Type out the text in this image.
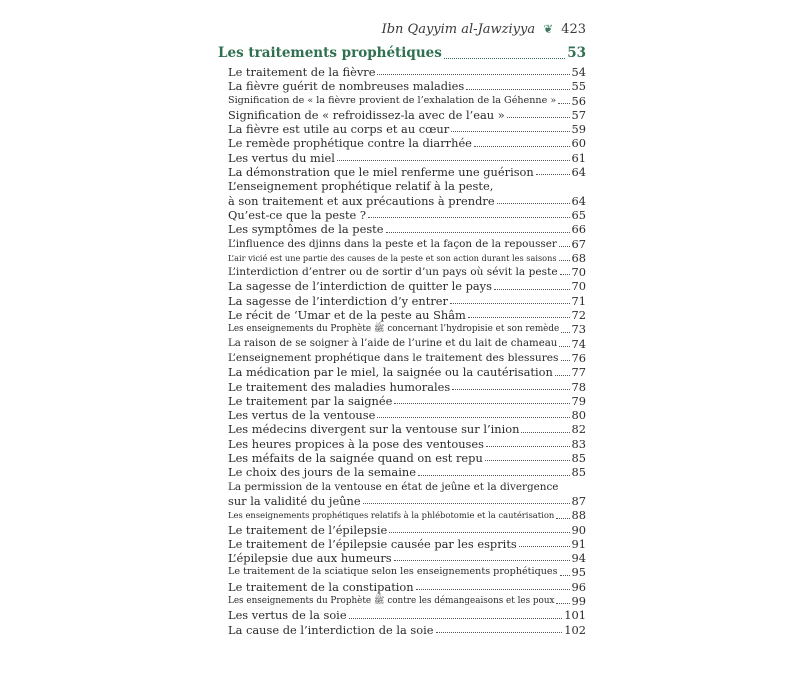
Ibn Qayyim al-Jawziyya ❦ 423
Les traitements prophétiques	53
Le traitement de la fièvre	54
La fièvre guérit de nombreuses maladies	55
Signification de « la fièvre provient de l’exhalation de la Géhenne » 56
Signification de « refroidissez-la avec de l’eau »	57
La fièvre est utile au corps et au cœur	59
Le remède prophétique contre la diarrhée	60
Les vertus du miel	61
La démonstration que le miel renferme une guérison	64
L’enseignement prophétique relatif à la peste,
à son traitement et aux précautions à prendre	64
Qu’est-ce que la peste ?	65
Les symptômes de la peste	66
L’influence des djinns dans la peste et la façon de la repousser 67
L’air vicié est une partie des causes de la peste et son action durant les saisons 68
L’interdiction d’entrer ou de sortir d’un pays où sévit la peste 70
La sagesse de l’interdiction de quitter le pays	70
La sagesse de l’interdiction d’y entrer	71
Le récit de ‘Umar et de la peste au Shâm	72
Les enseignements du Prophète ﷺ concernant l’hydropisie et son remède 73
La raison de se soigner à l’aide de l’urine et du lait de chameau 74
L’enseignement prophétique dans le traitement des blessures 76
La médication par le miel, la saignée ou la cautérisation 77
Le traitement des maladies humorales	78
Le traitement par la saignée	79
Les vertus de la ventouse	80
Les médecins divergent sur la ventouse sur l’inion	82
Les heures propices à la pose des ventouses	83
Les méfaits de la saignée quand on est repu	85
Le choix des jours de la semaine	85
La permission de la ventouse en état de jeûne et la divergence
sur la validité du jeûne	87
Les enseignements prophétiques relatifs à la phlébotomie et la cautérisation 88
Le traitement de l’épilepsie	90
Le traitement de l’épilepsie causée par les esprits	91
L’épilepsie due aux humeurs	94
Le traitement de la sciatique selon les enseignements prophétiques 95
Le traitement de la constipation	96
Les enseignements du Prophète ﷺ contre les démangeaisons et les poux 99
Les vertus de la soie	101
La cause de l’interdiction de la soie	102
